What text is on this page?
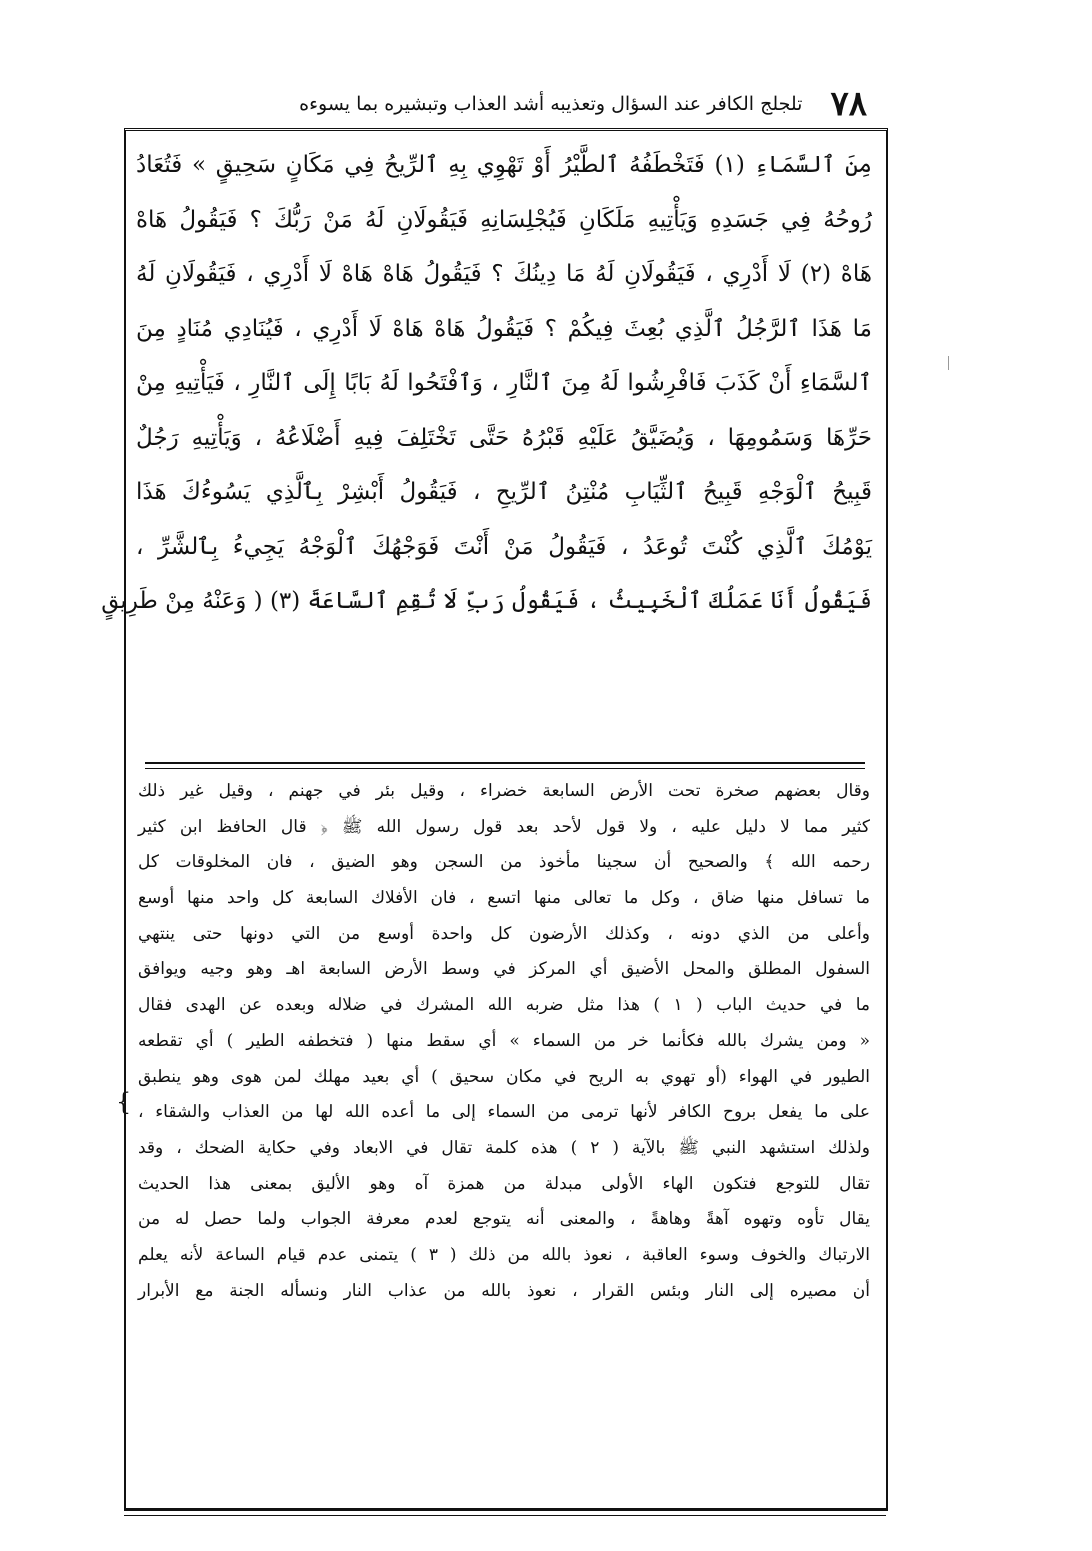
٧٨
تلجلج الكافر عند السؤال وتعذيبه أشد العذاب وتبشيره بما يسوءه
مِنَ ٱلسَّمَاءِ (١) فَتَخْطَفُهُ ٱلطَّيْرُ أَوْ تَهْوِي بِهِ ٱلرِّيحُ فِي مَكَانٍ سَحِيقٍ » فَتُعَادُ
رُوحُهُ فِي جَسَدِهِ وَيَأْتِيهِ مَلَكَانِ فَيُجْلِسَانِهِ فَيَقُولَانِ لَهُ مَنْ رَبُّكَ ؟ فَيَقُولُ هَاهْ
هَاهْ (٢) لَا أَدْرِي ، فَيَقُولَانِ لَهُ مَا دِينُكَ ؟ فَيَقُولُ هَاهْ هَاهْ لَا أَدْرِي ، فَيَقُولَانِ لَهُ
مَا هَذَا ٱلرَّجُلُ ٱلَّذِي بُعِثَ فِيكُمْ ؟ فَيَقُولُ هَاهْ هَاهْ لَا أَدْرِي ، فَيُنَادِي مُنَادٍ مِنَ
ٱلسَّمَاءِ أَنْ كَذَبَ فَافْرِشُوا لَهُ مِنَ ٱلنَّارِ ، وَٱفْتَحُوا لَهُ بَابًا إِلَى ٱلنَّارِ ، فَيَأْتِيهِ مِنْ
حَرِّهَا وَسَمُومِهَا ، وَيُضَيَّقُ عَلَيْهِ قَبْرُهُ حَتَّى تَخْتَلِفَ فِيهِ أَضْلَاعُهُ ، وَيَأْتِيهِ رَجُلٌ
قَبِيحُ ٱلْوَجْهِ قَبِيحُ ٱلثِّيَابِ مُنْتِنُ ٱلرِّيحِ ، فَيَقُولُ أَبْشِرْ بِٱلَّذِي يَسُوءُكَ هَذَا
يَوْمُكَ ٱلَّذِي كُنْتَ تُوعَدُ ، فَيَقُولُ مَنْ أَنْتَ فَوَجْهُكَ ٱلْوَجْهُ يَجِيءُ بِٱلشَّرِّ ،
فَيَقُولُ أَنَا عَمَلُكَ ٱلْخَبِيثُ ، فَيَقُولُ رَبِّ لَا تُقِمِ ٱلسَّاعَةَ (٣) ( وَعَنْهُ مِنْ طَرِيقٍ
وقال بعضهم صخرة تحت الأرض السابعة خضراء ، وقيل بئر في جهنم ، وقيل غير ذلك
كثير مما لا دليل عليه ، ولا قول لأحد بعد قول رسول الله ﷺ ﴿ قال الحافظ ابن كثير
رحمه الله ﴾ والصحيح أن سجينا مأخوذ من السجن وهو الضيق ، فان المخلوقات كل
ما تسافل منها ضاق ، وكل ما تعالى منها اتسع ، فان الأفلاك السابعة كل واحد منها أوسع
وأعلى من الذي دونه ، وكذلك الأرضون كل واحدة أوسع من التي دونها حتى ينتهي
السفول المطلق والمحل الأضيق أي المركز في وسط الأرض السابعة اهـ وهو وجيه ويوافق
ما في حديث الباب ( ١ ) هذا مثل ضربه الله المشرك في ضلاله وبعده عن الهدى فقال
« ومن يشرك بالله فكأنما خر من السماء » أي سقط منها ( فتخطفه الطير ) أي تقطعه
الطيور في الهواء (أو تهوي به الريح في مكان سحيق ) أي بعيد مهلك لمن هوى وهو ينطبق
على ما يفعل بروح الكافر لأنها ترمى من السماء إلى ما أعده الله لها من العذاب والشقاء ،
ولذلك استشهد النبي ﷺ بالآية ( ٢ ) هذه كلمة تقال في الابعاد وفي حكاية الضحك ، وقد
تقال للتوجع فتكون الهاء الأولى مبدلة من همزة آه وهو الأليق بمعنى هذا الحديث
يقال تأوه وتهوه آهةً وهاهةً ، والمعنى أنه يتوجع لعدم معرفة الجواب ولما حصل له من
الارتباك والخوف وسوء العاقبة ، نعوذ بالله من ذلك ( ٣ ) يتمنى عدم قيام الساعة لأنه يعلم
أن مصيره إلى النار وبئس القرار ، نعوذ بالله من عذاب النار ونسأله الجنة مع الأبرار
{
